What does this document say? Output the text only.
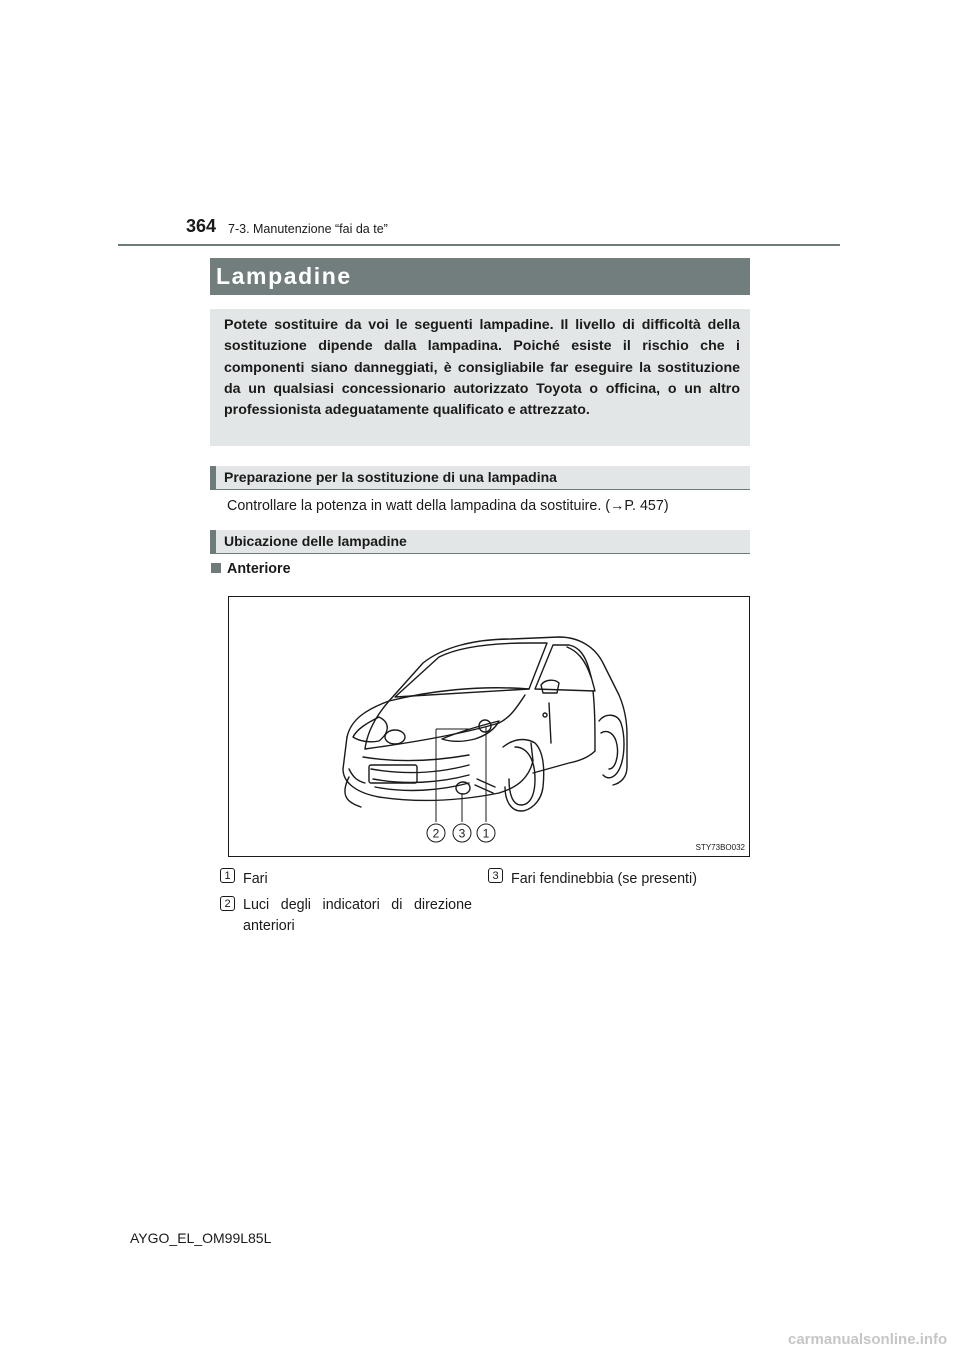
364 7-3. Manutenzione “fai da te”
Lampadine
Potete sostituire da voi le seguenti lampadine. Il livello di difficoltà della sostituzione dipende dalla lampadina. Poiché esiste il rischio che i componenti siano danneggiati, è consigliabile far eseguire la sostituzione da un qualsiasi concessionario autorizzato Toyota o officina, o un altro professionista adeguatamente qualificato e attrezzato.
Preparazione per la sostituzione di una lampadina
Controllare la potenza in watt della lampadina da sostituire. (→P. 457)
Ubicazione delle lampadine
Anteriore
2 3 1
STY73BO032
1 Fari
2 Luci degli indicatori di direzione anteriori
3 Fari fendinebbia (se presenti)
AYGO_EL_OM99L85L
carmanualsonline.info
